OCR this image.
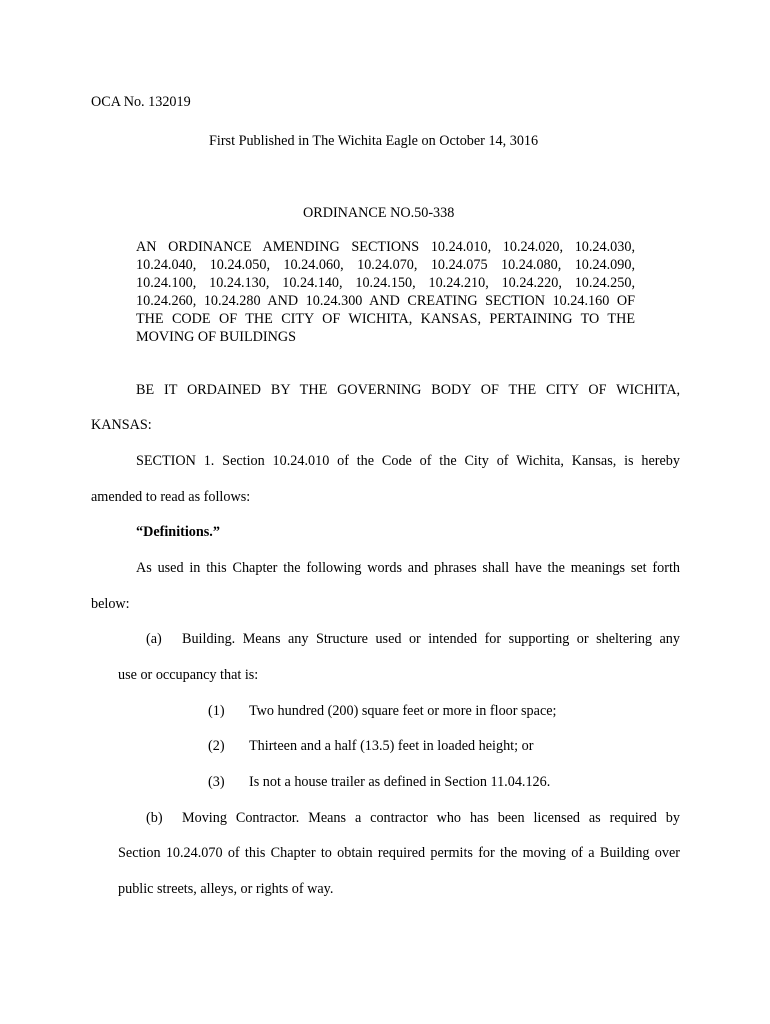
OCA No. 132019
First Published in The Wichita Eagle on October 14, 3016
ORDINANCE NO.50-338
AN ORDINANCE AMENDING SECTIONS 10.24.010, 10.24.020, 10.24.030,
10.24.040, 10.24.050, 10.24.060, 10.24.070, 10.24.075 10.24.080, 10.24.090,
10.24.100, 10.24.130, 10.24.140, 10.24.150, 10.24.210, 10.24.220, 10.24.250,
10.24.260, 10.24.280 AND 10.24.300 AND CREATING SECTION 10.24.160 OF
THE CODE OF THE CITY OF WICHITA, KANSAS, PERTAINING TO THE
MOVING OF BUILDINGS
BE IT ORDAINED BY THE GOVERNING BODY OF THE CITY OF WICHITA,
KANSAS:
SECTION 1. Section 10.24.010 of the Code of the City of Wichita, Kansas, is hereby
amended to read as follows:
“Definitions.”
As used in this Chapter the following words and phrases shall have the meanings set forth
below:
(a) Building. Means any Structure used or intended for supporting or sheltering any
use or occupancy that is:
(1) Two hundred (200) square feet or more in floor space;
(2) Thirteen and a half (13.5) feet in loaded height; or
(3) Is not a house trailer as defined in Section 11.04.126.
(b) Moving Contractor. Means a contractor who has been licensed as required by
Section 10.24.070 of this Chapter to obtain required permits for the moving of a Building over
public streets, alleys, or rights of way.
